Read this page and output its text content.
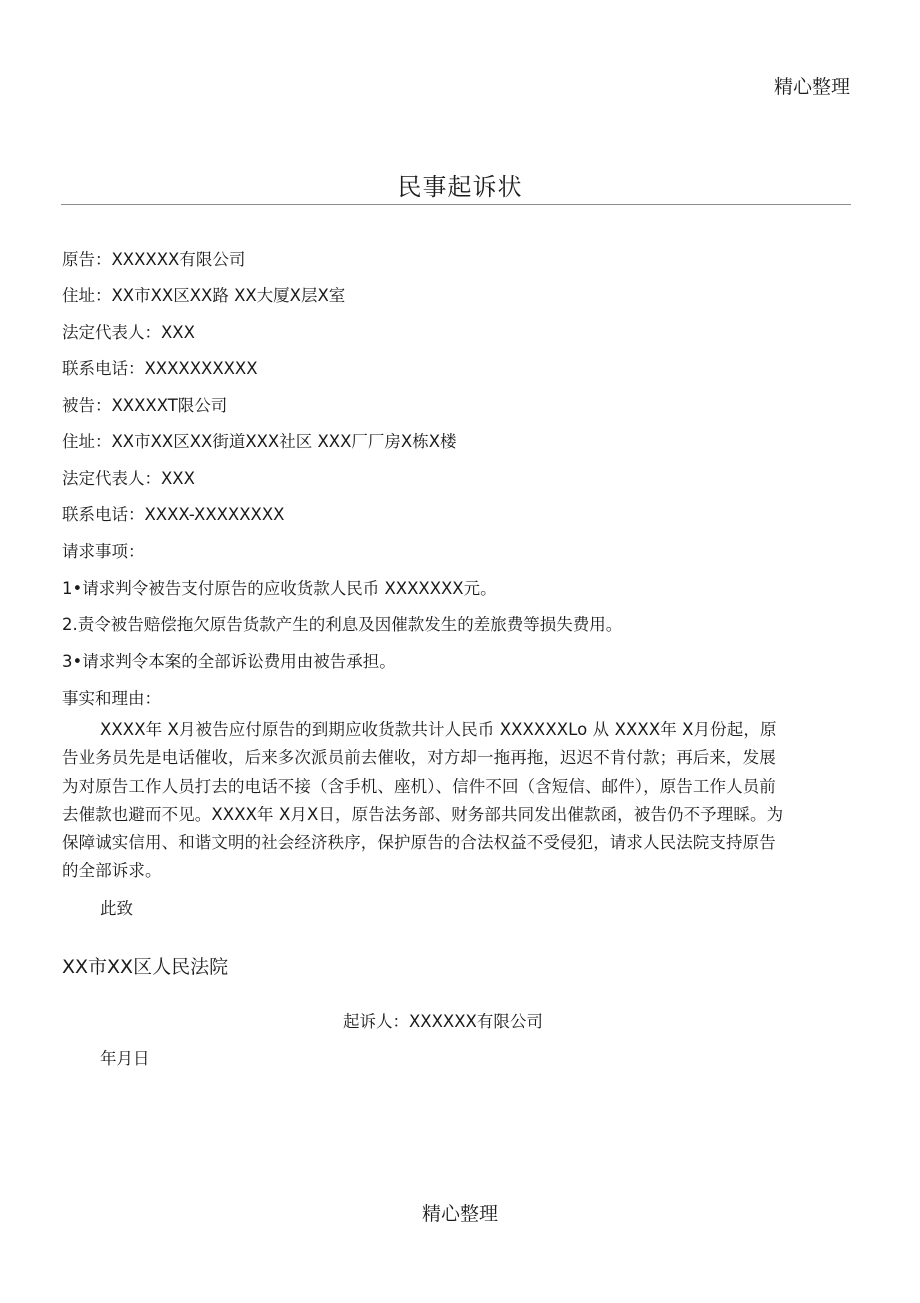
精心整理
民事起诉状
原告：XXXXXX有限公司
住址：XX市XX区XX路 XX大厦X层X室
法定代表人：XXX
联系电话：XXXXXXXXXX
被告：XXXXXT限公司
住址：XX市XX区XX街道XXX社区 XXX厂厂房X栋X楼
法定代表人：XXX
联系电话：XXXX-XXXXXXXX
请求事项：
1•请求判令被告支付原告的应收货款人民币 XXXXXXX元。
2.责令被告赔偿拖欠原告货款产生的利息及因催款发生的差旅费等损失费用。
3•请求判令本案的全部诉讼费用由被告承担。
事实和理由：
XXXX年 X月被告应付原告的到期应收货款共计人民币 XXXXXXLo 从 XXXX年 X月份起，原告业务员先是电话催收，后来多次派员前去催收，对方却一拖再拖，迟迟不肯付款；再后来，发展为对原告工作人员打去的电话不接（含手机、座机）、信件不回（含短信、邮件），原告工作人员前去催款也避而不见。XXXX年 X月X日，原告法务部、财务部共同发出催款函，被告仍不予理睬。为保障诚实信用、和谐文明的社会经济秩序，保护原告的合法权益不受侵犯，请求人民法院支持原告的全部诉求。
此致
XX市XX区人民法院
起诉人：XXXXXX有限公司
年月日
精心整理
